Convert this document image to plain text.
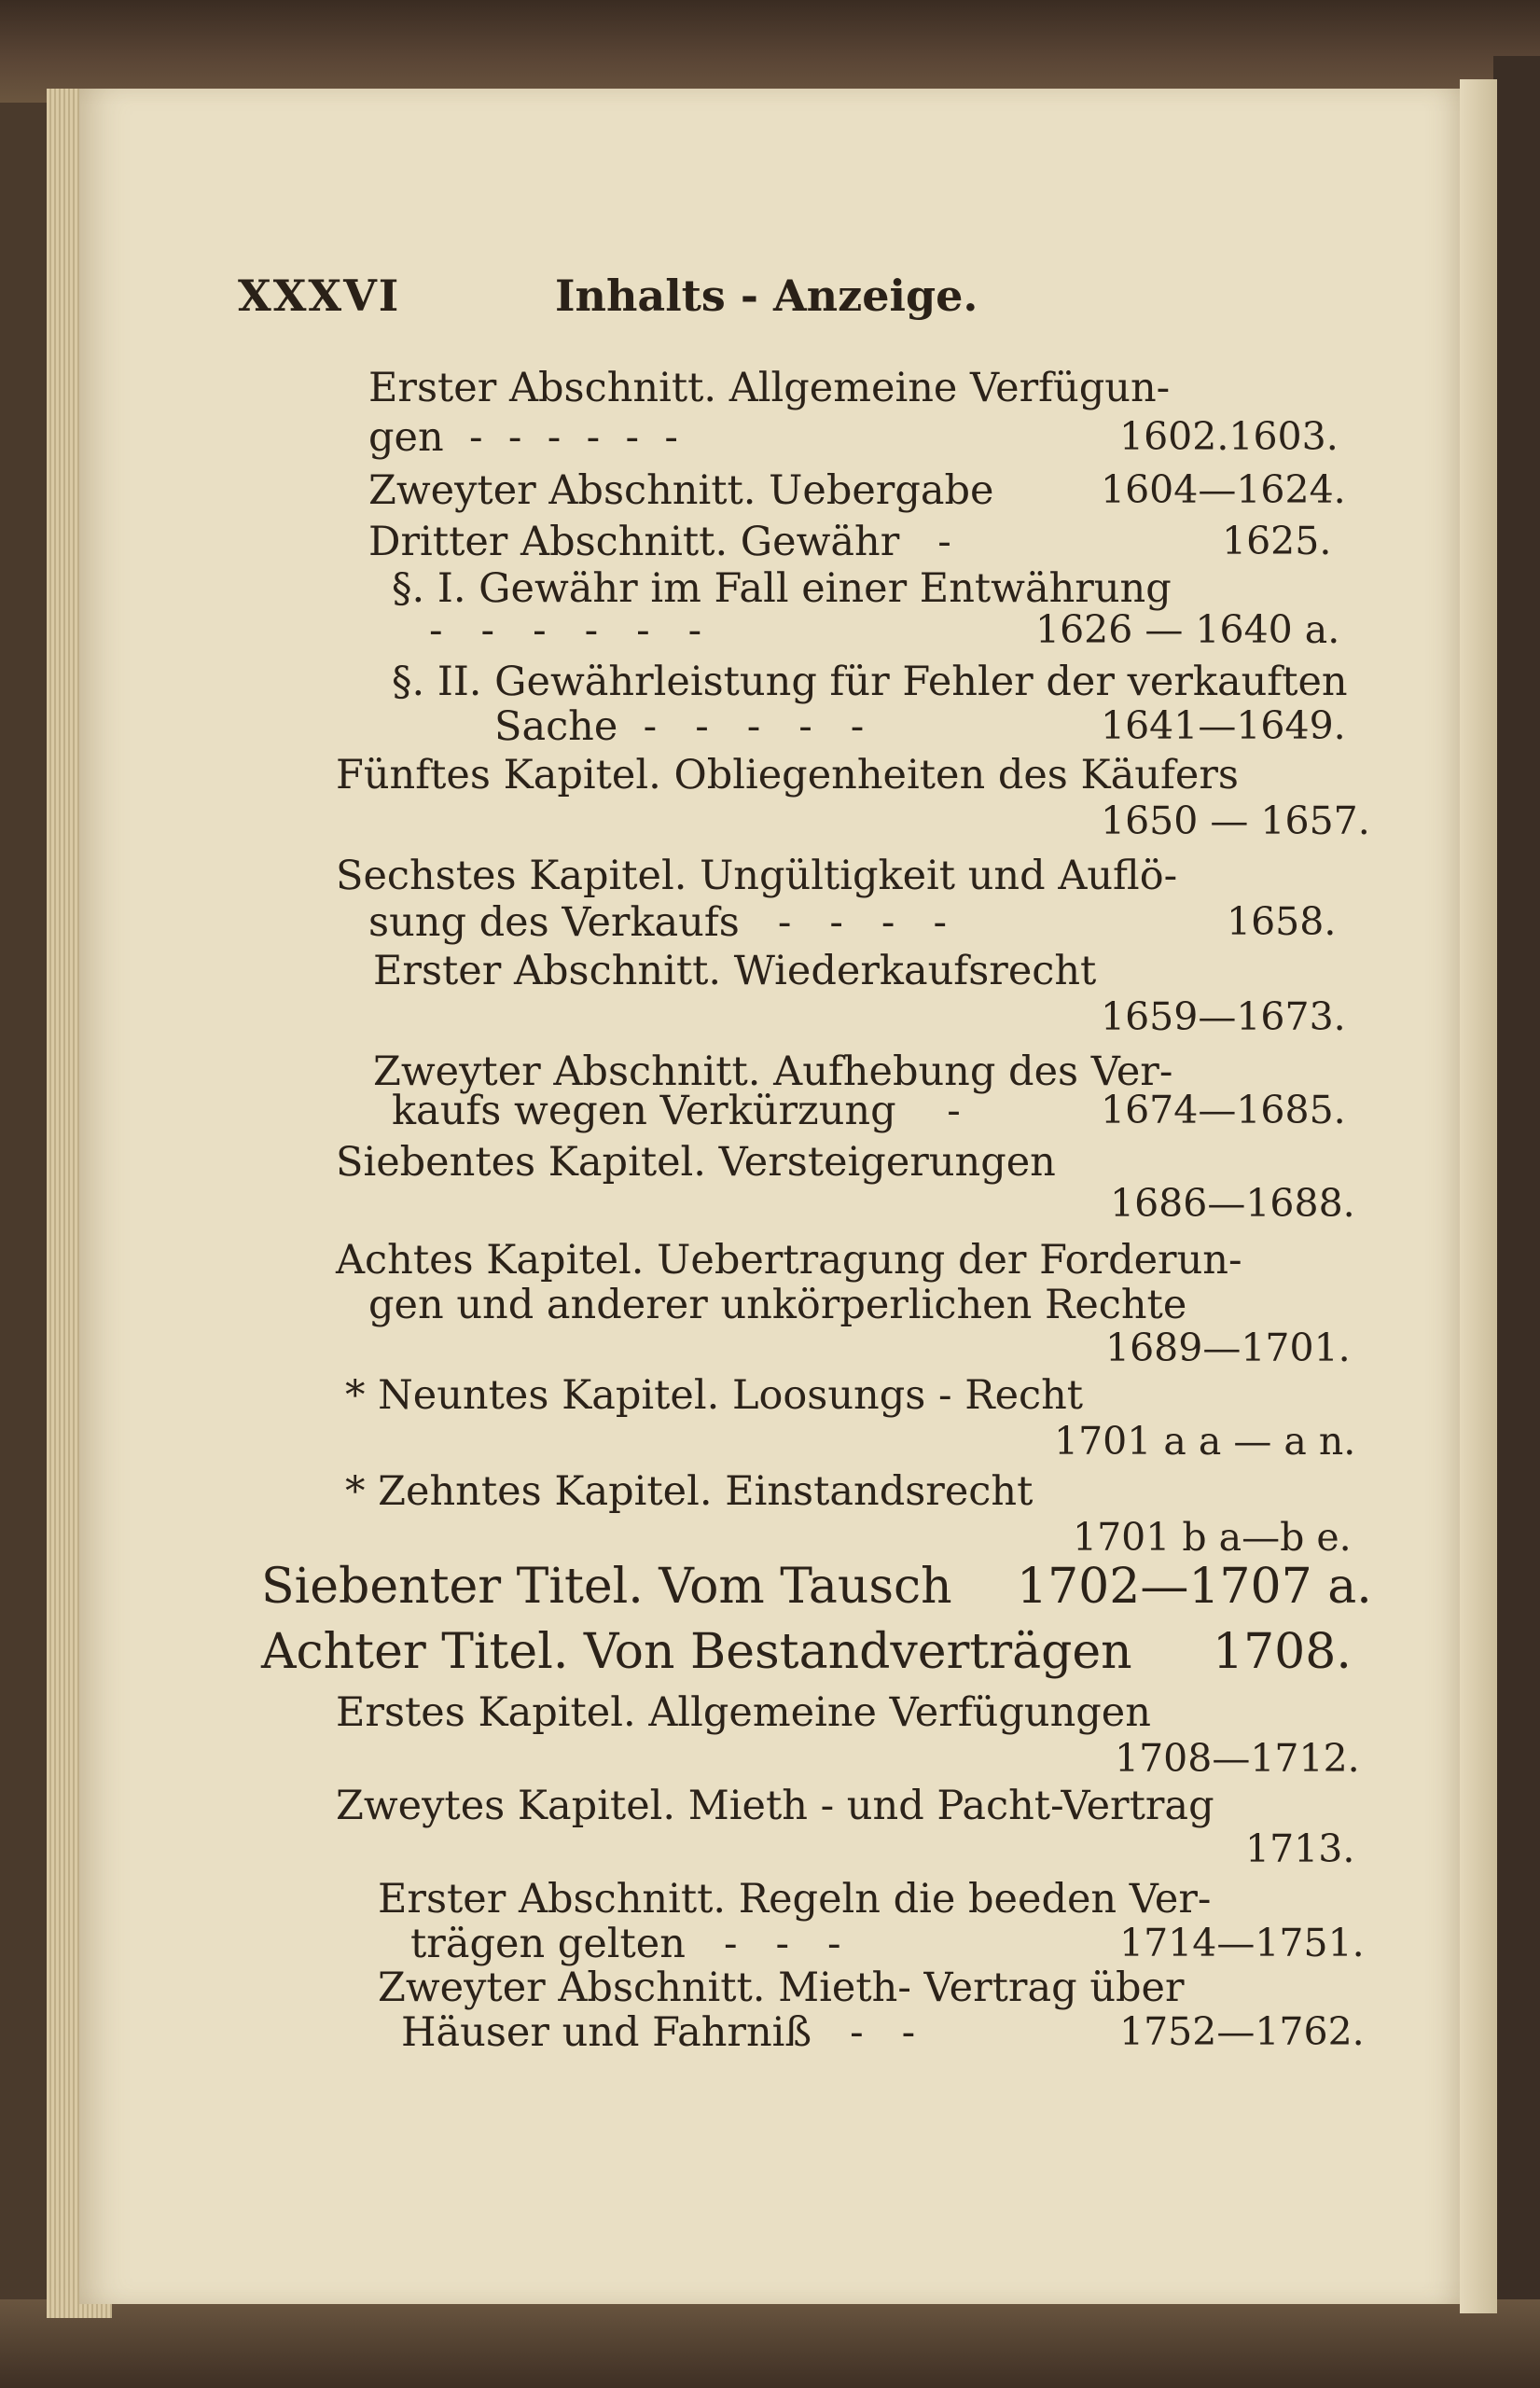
XXXVI	Inhalts - Anzeige.
Erster Abschnitt. Allgemeine Verfügun-
gen  -  -  -  -  -  -	1602.1603.
Zweyter Abschnitt. Uebergabe	1604—1624.
Dritter Abschnitt. Gewähr   -	1625.
§. I. Gewähr im Fall einer Entwährung
-   -   -   -   -   -	1626 — 1640 a.
§. II. Gewährleistung für Fehler der verkauften
Sache  -   -   -   -   -	1641—1649.
Fünftes Kapitel. Obliegenheiten des Käufers
1650 — 1657.
Sechstes Kapitel. Ungültigkeit und Auflö-
sung des Verkaufs   -   -   -   -	1658.
Erster Abschnitt. Wiederkaufsrecht
1659—1673.
Zweyter Abschnitt. Aufhebung des Ver-
kaufs wegen Verkürzung    -	1674—1685.
Siebentes Kapitel. Versteigerungen
1686—1688.
Achtes Kapitel. Uebertragung der Forderun-
gen und anderer unkörperlichen Rechte
1689—1701.
* Neuntes Kapitel. Loosungs - Recht
1701 a a — a n.
* Zehntes Kapitel. Einstandsrecht
1701 b a—b e.
Siebenter Titel. Vom Tausch 1702—1707 a.
Achter Titel. Von Bestandverträgen 1708.
Erstes Kapitel. Allgemeine Verfügungen
1708—1712.
Zweytes Kapitel. Mieth - und Pacht-Vertrag
1713.
Erster Abschnitt. Regeln die beeden Ver-
trägen gelten   -   -   -	1714—1751.
Zweyter Abschnitt. Mieth- Vertrag über
Häuser und Fahrniß   -   -	1752—1762.
